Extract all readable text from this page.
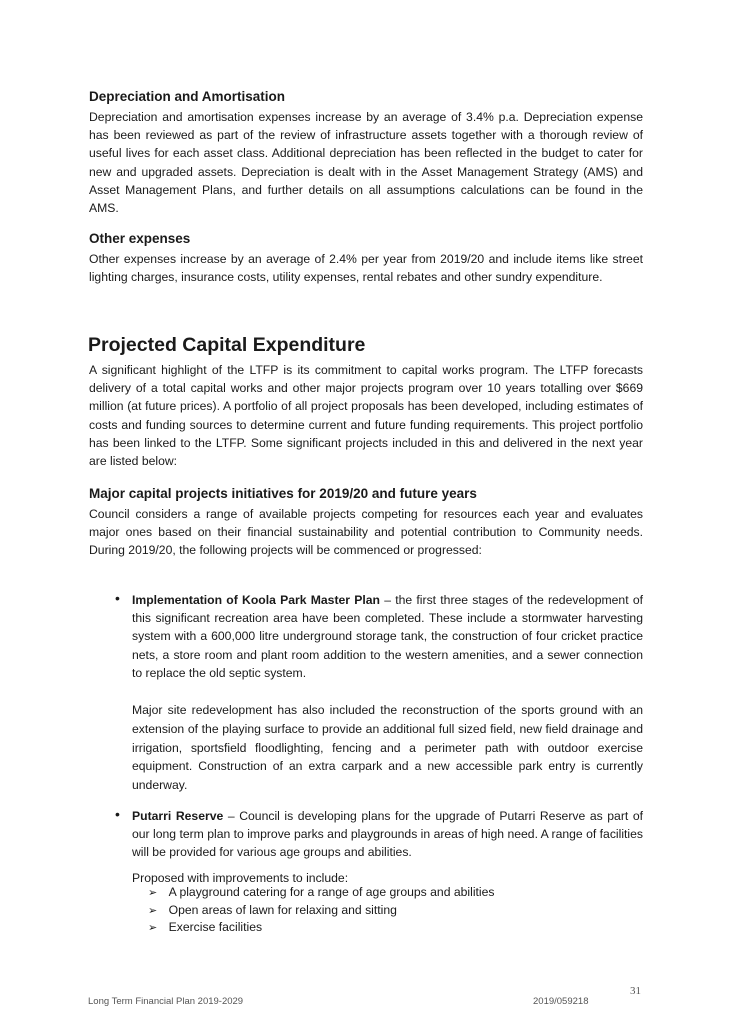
Depreciation and Amortisation
Depreciation and amortisation expenses increase by an average of 3.4% p.a. Depreciation expense has been reviewed as part of the review of infrastructure assets together with a thorough review of useful lives for each asset class. Additional depreciation has been reflected in the budget to cater for new and upgraded assets. Depreciation is dealt with in the Asset Management Strategy (AMS) and Asset Management Plans, and further details on all assumptions calculations can be found in the AMS.
Other expenses
Other expenses increase by an average of 2.4% per year from 2019/20 and include items like street lighting charges, insurance costs, utility expenses, rental rebates and other sundry expenditure.
Projected Capital Expenditure
A significant highlight of the LTFP is its commitment to capital works program. The LTFP forecasts delivery of a total capital works and other major projects program over 10 years totalling over $669 million (at future prices). A portfolio of all project proposals has been developed, including estimates of costs and funding sources to determine current and future funding requirements. This project portfolio has been linked to the LTFP. Some significant projects included in this and delivered in the next year are listed below:
Major capital projects initiatives for 2019/20 and future years
Council considers a range of available projects competing for resources each year and evaluates major ones based on their financial sustainability and potential contribution to Community needs. During 2019/20, the following projects will be commenced or progressed:
• Implementation of Koola Park Master Plan – the first three stages of the redevelopment of this significant recreation area have been completed. These include a stormwater harvesting system with a 600,000 litre underground storage tank, the construction of four cricket practice nets, a store room and plant room addition to the western amenities, and a sewer connection to replace the old septic system.
Major site redevelopment has also included the reconstruction of the sports ground with an extension of the playing surface to provide an additional full sized field, new field drainage and irrigation, sportsfield floodlighting, fencing and a perimeter path with outdoor exercise equipment. Construction of an extra carpark and a new accessible park entry is currently underway.
• Putarri Reserve – Council is developing plans for the upgrade of Putarri Reserve as part of our long term plan to improve parks and playgrounds in areas of high need. A range of facilities will be provided for various age groups and abilities.
Proposed with improvements to include:
➢ A playground catering for a range of age groups and abilities
➢ Open areas of lawn for relaxing and sitting
➢ Exercise facilities
31
Long Term Financial Plan 2019-2029	2019/059218
